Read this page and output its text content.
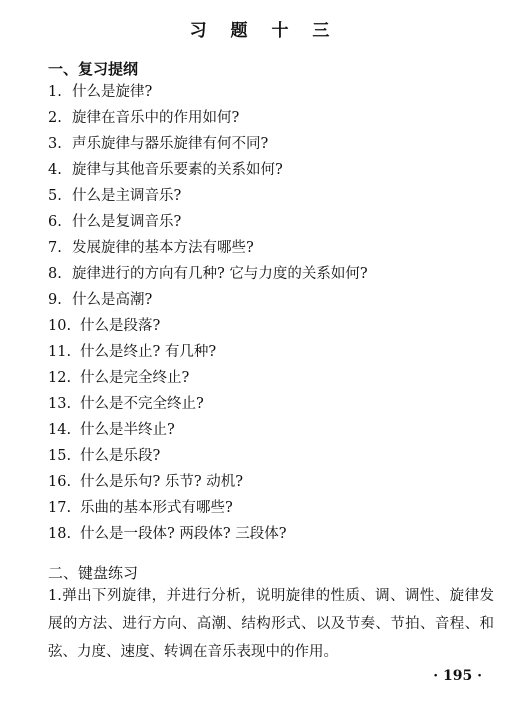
习 题 十 三
一、复习提纲
1. 什么是旋律?
2. 旋律在音乐中的作用如何?
3. 声乐旋律与器乐旋律有何不同?
4. 旋律与其他音乐要素的关系如何?
5. 什么是主调音乐?
6. 什么是复调音乐?
7. 发展旋律的基本方法有哪些?
8. 旋律进行的方向有几种? 它与力度的关系如何?
9. 什么是高潮?
10. 什么是段落?
11. 什么是终止? 有几种?
12. 什么是完全终止?
13. 什么是不完全终止?
14. 什么是半终止?
15. 什么是乐段?
16. 什么是乐句? 乐节? 动机?
17. 乐曲的基本形式有哪些?
18. 什么是一段体? 两段体? 三段体?
二、键盘练习
1.弹出下列旋律，并进行分析，说明旋律的性质、调、调性、旋律发展的方法、进行方向、高潮、结构形式、以及节奏、节拍、音程、和弦、力度、速度、转调在音乐表现中的作用。
· 195 ·
